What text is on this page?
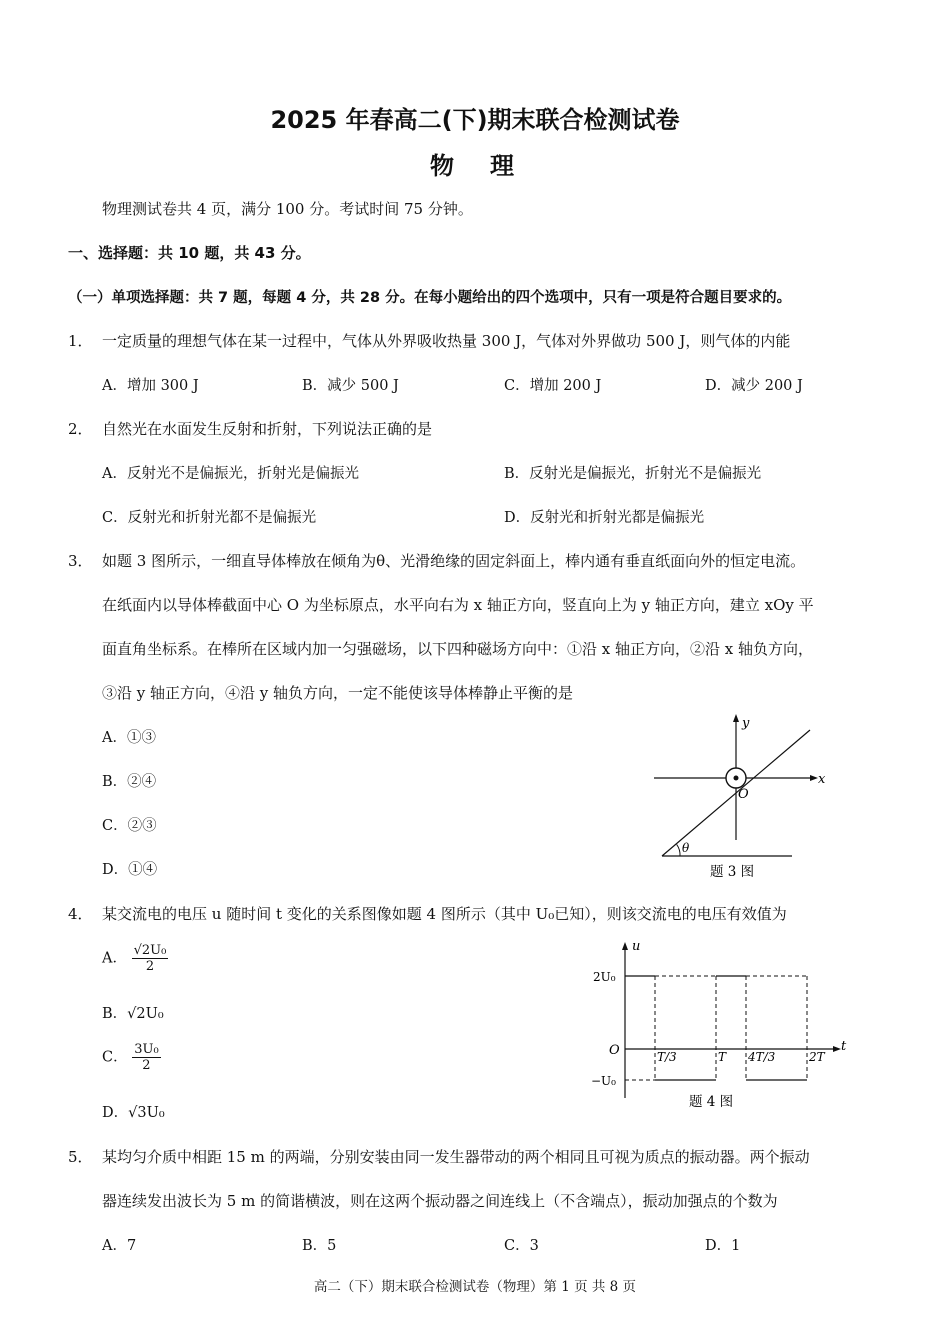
2025 年春高二(下)期末联合检测试卷
物　理
物理测试卷共 4 页，满分 100 分。考试时间 75 分钟。
一、选择题：共 10 题，共 43 分。
（一）单项选择题：共 7 题，每题 4 分，共 28 分。在每小题给出的四个选项中，只有一项是符合题目要求的。
1． 一定质量的理想气体在某一过程中，气体从外界吸收热量 300 J，气体对外界做功 500 J，则气体的内能
A．增加 300 J	B．减少 500 J	C．增加 200 J	D．减少 200 J
2． 自然光在水面发生反射和折射，下列说法正确的是
A．反射光不是偏振光，折射光是偏振光	B．反射光是偏振光，折射光不是偏振光
C．反射光和折射光都不是偏振光	D．反射光和折射光都是偏振光
3． 如题 3 图所示，一细直导体棒放在倾角为θ、光滑绝缘的固定斜面上，棒内通有垂直纸面向外的恒定电流。
在纸面内以导体棒截面中心 O 为坐标原点，水平向右为 x 轴正方向，竖直向上为 y 轴正方向，建立 xOy 平
面直角坐标系。在棒所在区域内加一匀强磁场，以下四种磁场方向中：①沿 x 轴正方向，②沿 x 轴负方向，
③沿 y 轴正方向，④沿 y 轴负方向，一定不能使该导体棒静止平衡的是
A．①③
B．②④
C．②③
D．①④
y
x
O
θ
题 3 图
4． 某交流电的电压 u 随时间 t 变化的关系图像如题 4 图所示（其中 U₀已知），则该交流电的电压有效值为
A． $\frac{\text{√2U₀}}{2}$
B．√2U₀
C． $\frac{\text{3U₀}}{2}$
D．√3U₀
u
t
O
2U₀
−U₀
T/3	T 4T/3	2T
题 4 图
5． 某均匀介质中相距 15 m 的两端，分别安装由同一发生器带动的两个相同且可视为质点的振动器。两个振动
器连续发出波长为 5 m 的简谐横波，则在这两个振动器之间连线上（不含端点），振动加强点的个数为
A．7	B．5	C．3	D．1
高二（下）期末联合检测试卷（物理）第 1 页 共 8 页
